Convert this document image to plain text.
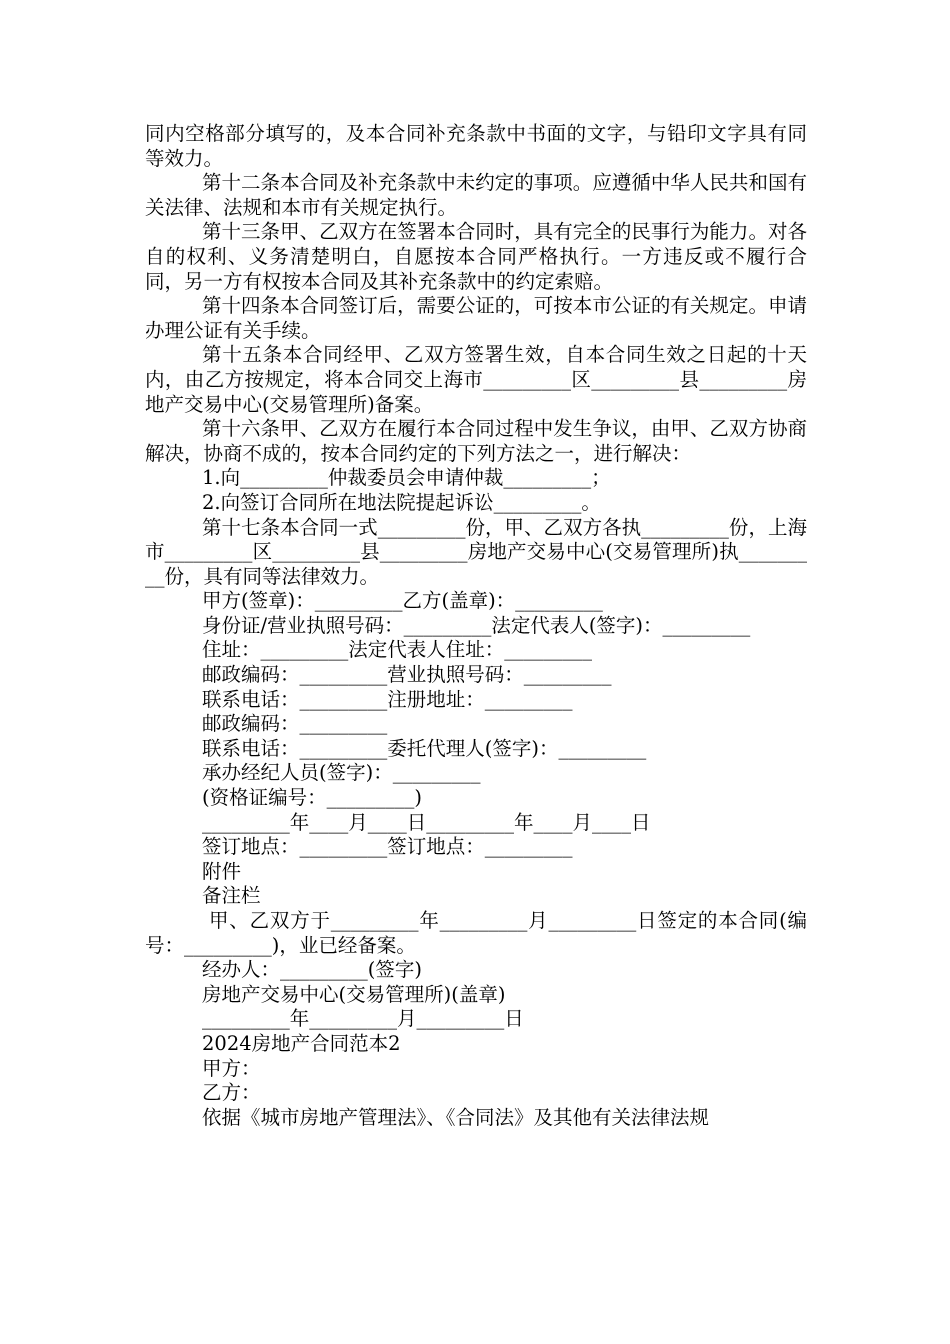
同内空格部分填写的，及本合同补充条款中书面的文字，与铅印文字具有同等效力。

第十二条本合同及补充条款中未约定的事项。应遵循中华人民共和国有关法律、法规和本市有关规定执行。

第十三条甲、乙双方在签署本合同时，具有完全的民事行为能力。对各自的权利、义务清楚明白，自愿按本合同严格执行。一方违反或不履行合同，另一方有权按本合同及其补充条款中的约定索赔。

第十四条本合同签订后，需要公证的，可按本市公证的有关规定。申请办理公证有关手续。

第十五条本合同经甲、乙双方签署生效，自本合同生效之日起的十天内，由乙方按规定，将本合同交上海市_________区_________县_________房地产交易中心(交易管理所)备案。

第十六条甲、乙双方在履行本合同过程中发生争议，由甲、乙双方协商解决，协商不成的，按本合同约定的下列方法之一，进行解决：

1.向_________仲裁委员会申请仲裁_________；

2.向签订合同所在地法院提起诉讼_________。

第十七条本合同一式_________份，甲、乙双方各执_________份，上海市_________区_________县_________房地产交易中心(交易管理所)执_________份，具有同等法律效力。

甲方(签章)：_________乙方(盖章)：_________

身份证/营业执照号码：_________法定代表人(签字)：_________

住址：_________法定代表人住址：_________

邮政编码：_________营业执照号码：_________

联系电话：_________注册地址：_________

邮政编码：_________

联系电话：_________委托代理人(签字)：_________

承办经纪人员(签字)：_________

(资格证编号：_________)

_________年____月____日_________年____月____日

签订地点：_________签订地点：_________

附件

备注栏

甲、乙双方于_________年_________月_________日签定的本合同(编号：_________)，业已经备案。

经办人：_________(签字)

房地产交易中心(交易管理所)(盖章)

_________年_________月_________日

2024房地产合同范本2

甲方：

乙方：

依据《城市房地产管理法》、《合同法》及其他有关法律法规
